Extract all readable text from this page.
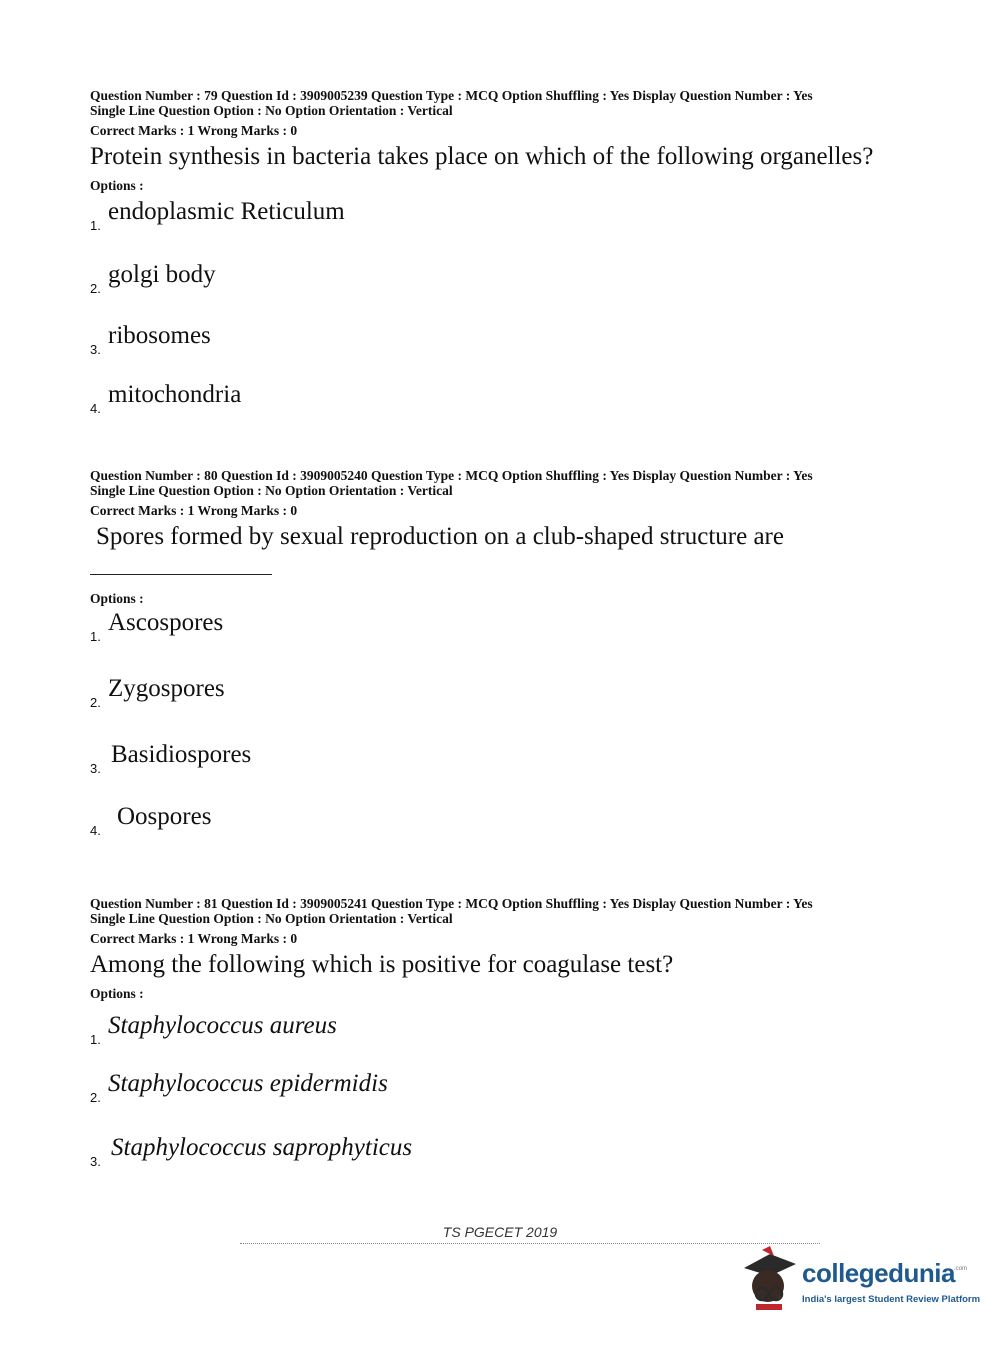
Question Number : 79 Question Id : 3909005239 Question Type : MCQ Option Shuffling : Yes Display Question Number : Yes
Single Line Question Option : No Option Orientation : Vertical
Correct Marks : 1 Wrong Marks : 0
Protein synthesis in bacteria takes place on which of the following organelles?
Options :
1.
endoplasmic Reticulum
2.
golgi body
3.
ribosomes
4.
mitochondria
Question Number : 80 Question Id : 3909005240 Question Type : MCQ Option Shuffling : Yes Display Question Number : Yes
Single Line Question Option : No Option Orientation : Vertical
Correct Marks : 1 Wrong Marks : 0
Spores formed by sexual reproduction on a club-shaped structure are
Options :
1.
Ascospores
2.
Zygospores
3.
Basidiospores
4.
Oospores
Question Number : 81 Question Id : 3909005241 Question Type : MCQ Option Shuffling : Yes Display Question Number : Yes
Single Line Question Option : No Option Orientation : Vertical
Correct Marks : 1 Wrong Marks : 0
Among the following which is positive for coagulase test?
Options :
1.
Staphylococcus aureus
2.
Staphylococcus epidermidis
3.
Staphylococcus saprophyticus
TS PGECET 2019
collegedunia .com
India's largest Student Review Platform
